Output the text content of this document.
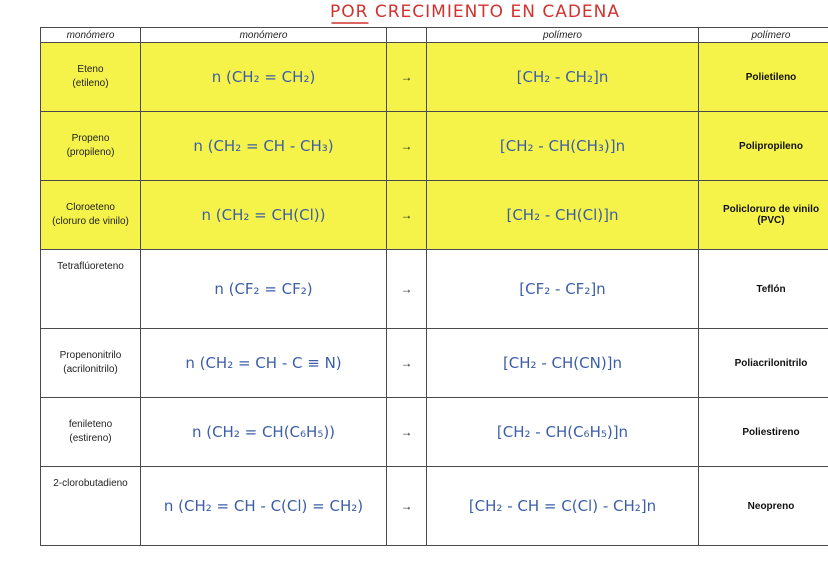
POR CRECIMIENTO EN CADENA
monómero	monómero		polímero	polímero

Eteno
(etileno)	n (CH₂ = CH₂)	→	[CH₂ - CH₂]n	Polietileno

Propeno
(propileno)	n (CH₂ = CH - CH₃)	→	[CH₂ - CH(CH₃)]n	Polipropileno

Cloroeteno
(cloruro de vinilo)	n (CH₂ = CH(Cl))	→	[CH₂ - CH(Cl)]n	Policloruro de vinilo (PVC)

Tetraflúoreteno	n (CF₂ = CF₂)	→	[CF₂ - CF₂]n	Teflón

Propenonitrilo
(acrilonitrilo)	n (CH₂ = CH - C ≡ N)	→	[CH₂ - CH(CN)]n	Poliacrilonitrilo

fenileteno
(estireno)	n (CH₂ = CH(C₆H₅))	→	[CH₂ - CH(C₆H₅)]n	Poliestireno

2-clorobutadieno	n (CH₂ = CH - C(Cl) = CH₂)	→	[CH₂ - CH = C(Cl) - CH₂]n	Neopreno
